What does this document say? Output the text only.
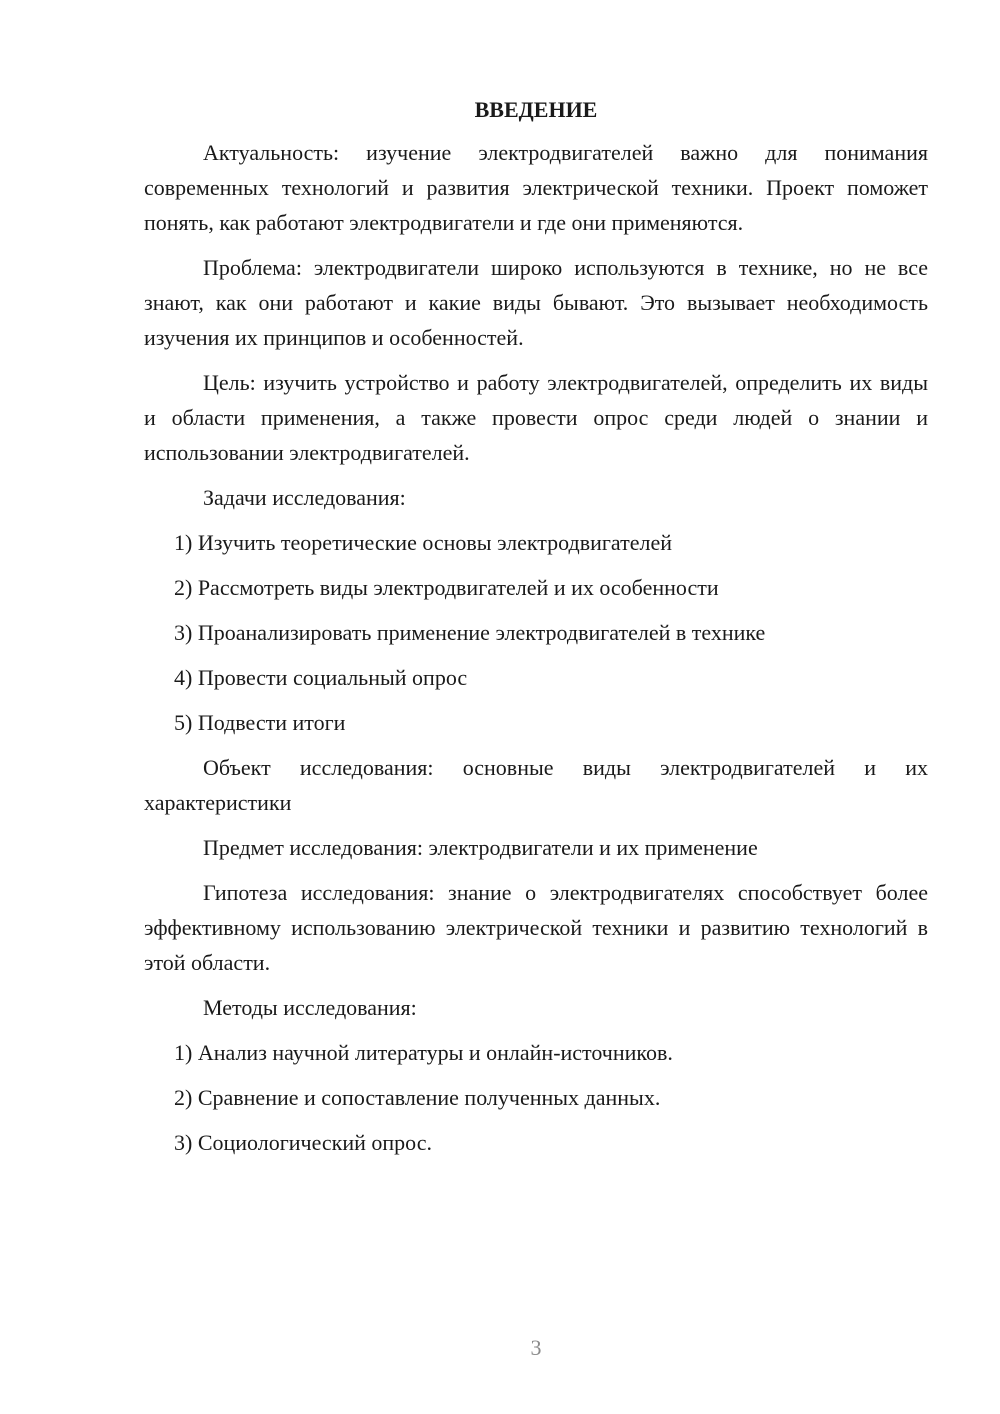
ВВЕДЕНИЕ

Актуальность: изучение электродвигателей важно для понимания современных технологий и развития электрической техники. Проект поможет понять, как работают электродвигатели и где они применяются.

Проблема: электродвигатели широко используются в технике, но не все знают, как они работают и какие виды бывают. Это вызывает необходимость изучения их принципов и особенностей.

Цель: изучить устройство и работу электродвигателей, определить их виды и области применения, а также провести опрос среди людей о знании и использовании электродвигателей.

Задачи исследования:

1) Изучить теоретические основы электродвигателей
2) Рассмотреть виды электродвигателей и их особенности
3) Проанализировать применение электродвигателей в технике
4) Провести социальный опрос
5) Подвести итоги

Объект исследования: основные виды электродвигателей и их характеристики

Предмет исследования: электродвигатели и их применение

Гипотеза исследования: знание о электродвигателях способствует более эффективному использованию электрической техники и развитию технологий в этой области.

Методы исследования:

1) Анализ научной литературы и онлайн-источников.
2) Сравнение и сопоставление полученных данных.
3) Социологический опрос.
3
